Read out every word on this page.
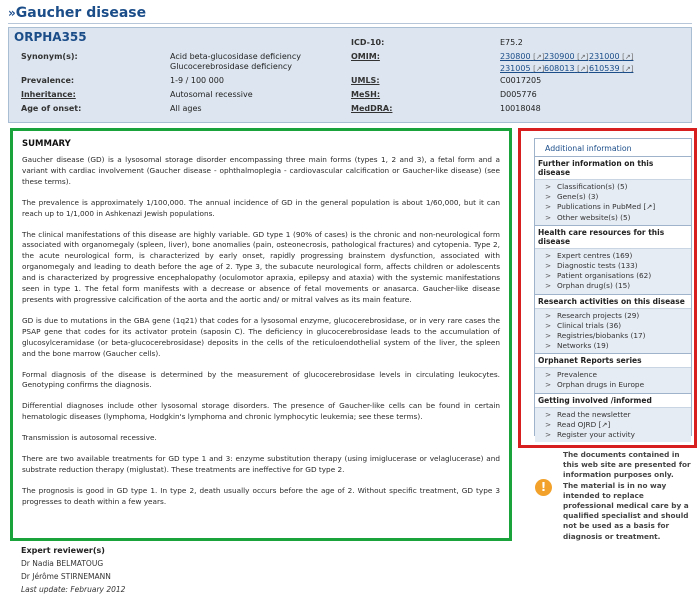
» Gaucher disease
ORPHA355
Synonym(s):	Acid beta-glucosidase deficiency
Glucocerebrosidase deficiency
Prevalence:	1-9 / 100 000
Inheritance:	Autosomal recessive
Age of onset:	All ages
ICD-10:	E75.2
OMIM:	230800 [↗] 230900 [↗] 231000 [↗]
231005 [↗] 608013 [↗] 610539 [↗]
UMLS:	C0017205
MeSH:	D005776
MedDRA:	10018048
SUMMARY

Gaucher disease (GD) is a lysosomal storage disorder encompassing three main forms (types 1, 2 and 3), a fetal form and a variant with cardiac involvement (Gaucher disease - ophthalmoplegia - cardiovascular calcification or Gaucher-like disease) (see these terms).

The prevalence is approximately 1/100,000. The annual incidence of GD in the general population is about 1/60,000, but it can reach up to 1/1,000 in Ashkenazi Jewish populations.

The clinical manifestations of this disease are highly variable. GD type 1 (90% of cases) is the chronic and non-neurological form associated with organomegaly (spleen, liver), bone anomalies (pain, osteonecrosis, pathological fractures) and cytopenia. Type 2, the acute neurological form, is characterized by early onset, rapidly progressing brainstem dysfunction, associated with organomegaly and leading to death before the age of 2. Type 3, the subacute neurological form, affects children or adolescents and is characterized by progressive encephalopathy (oculomotor apraxia, epilepsy and ataxia) with the systemic manifestations seen in type 1. The fetal form manifests with a decrease or absence of fetal movements or anasarca. Gaucher-like disease presents with progressive calcification of the aorta and the aortic and/ or mitral valves as its main feature.

GD is due to mutations in the GBA gene (1q21) that codes for a lysosomal enzyme, glucocerebrosidase, or in very rare cases the PSAP gene that codes for its activator protein (saposin C). The deficiency in glucocerebrosidase leads to the accumulation of glucosylceramidase (or beta-glucocerebrosidase) deposits in the cells of the reticuloendothelial system of the liver, the spleen and the bone marrow (Gaucher cells).

Formal diagnosis of the disease is determined by the measurement of glucocerebrosidase levels in circulating leukocytes. Genotyping confirms the diagnosis.

Differential diagnoses include other lysosomal storage disorders. The presence of Gaucher-like cells can be found in certain hematologic diseases (lymphoma, Hodgkin's lymphoma and chronic lymphocytic leukemia; see these terms).

Transmission is autosomal recessive.

There are two available treatments for GD type 1 and 3: enzyme substitution therapy (using imiglucerase or velaglucerase) and substrate reduction therapy (miglustat). These treatments are ineffective for GD type 2.

The prognosis is good in GD type 1. In type 2, death usually occurs before the age of 2. Without specific treatment, GD type 3 progresses to death within a few years.

Expert reviewer(s)
Dr Nadia BELMATOUG
Dr Jérôme STIRNEMANN
Last update: February 2012
Additional information
Further information on this disease
> Classification(s) (5)
> Gene(s) (3)
> Publications in PubMed [↗]
> Other website(s) (5)
Health care resources for this disease
> Expert centres (169)
> Diagnostic tests (133)
> Patient organisations (62)
> Orphan drug(s) (15)
Research activities on this disease
> Research projects (29)
> Clinical trials (36)
> Registries/biobanks (17)
> Networks (19)
Orphanet Reports series
> Prevalence
> Orphan drugs in Europe
Getting involved /informed
> Read the newsletter
> Read OJRD [↗]
> Register your activity
!
The documents contained in this web site are presented for information purposes only. The material is in no way intended to replace professional medical care by a qualified specialist and should not be used as a basis for diagnosis or treatment.
